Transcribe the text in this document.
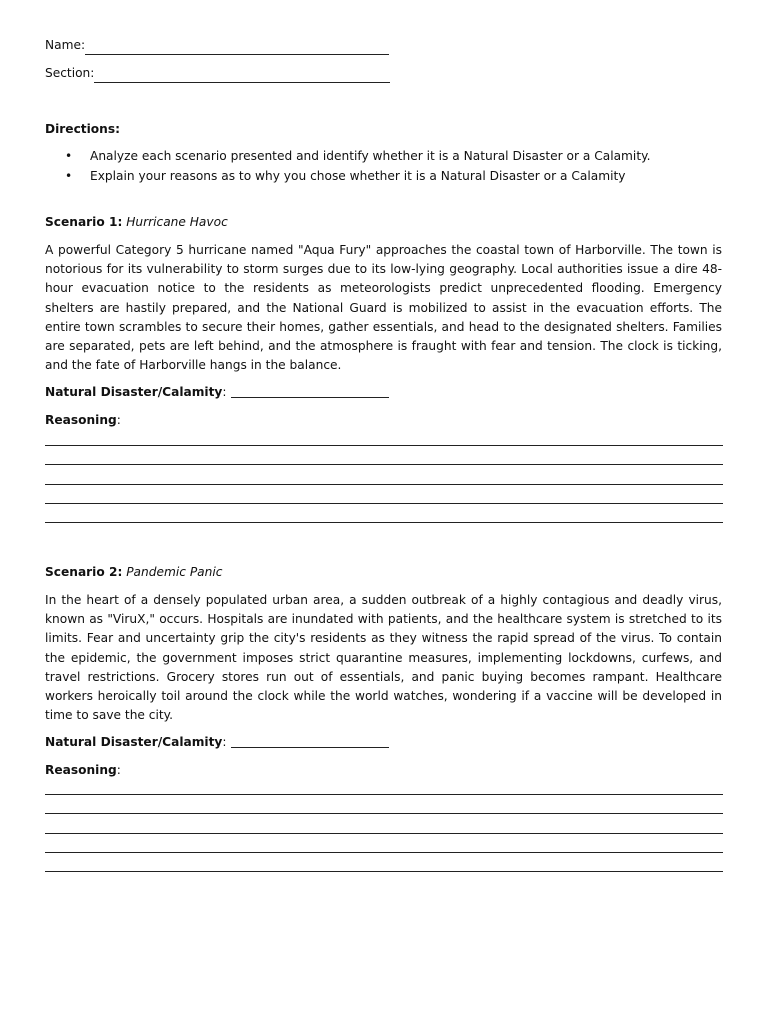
Name:
Section:
Directions:
• Analyze each scenario presented and identify whether it is a Natural Disaster or a Calamity.
• Explain your reasons as to why you chose whether it is a Natural Disaster or a Calamity
Scenario 1: Hurricane Havoc
A powerful Category 5 hurricane named "Aqua Fury" approaches the coastal town of Harborville. The town is notorious for its vulnerability to storm surges due to its low-lying geography. Local authorities issue a dire 48-hour evacuation notice to the residents as meteorologists predict unprecedented flooding. Emergency shelters are hastily prepared, and the National Guard is mobilized to assist in the evacuation efforts. The entire town scrambles to secure their homes, gather essentials, and head to the designated shelters. Families are separated, pets are left behind, and the atmosphere is fraught with fear and tension. The clock is ticking, and the fate of Harborville hangs in the balance.
Natural Disaster/Calamity:
Reasoning:
Scenario 2: Pandemic Panic
In the heart of a densely populated urban area, a sudden outbreak of a highly contagious and deadly virus, known as "ViruX," occurs. Hospitals are inundated with patients, and the healthcare system is stretched to its limits. Fear and uncertainty grip the city's residents as they witness the rapid spread of the virus. To contain the epidemic, the government imposes strict quarantine measures, implementing lockdowns, curfews, and travel restrictions. Grocery stores run out of essentials, and panic buying becomes rampant. Healthcare workers heroically toil around the clock while the world watches, wondering if a vaccine will be developed in time to save the city.
Natural Disaster/Calamity:
Reasoning:
